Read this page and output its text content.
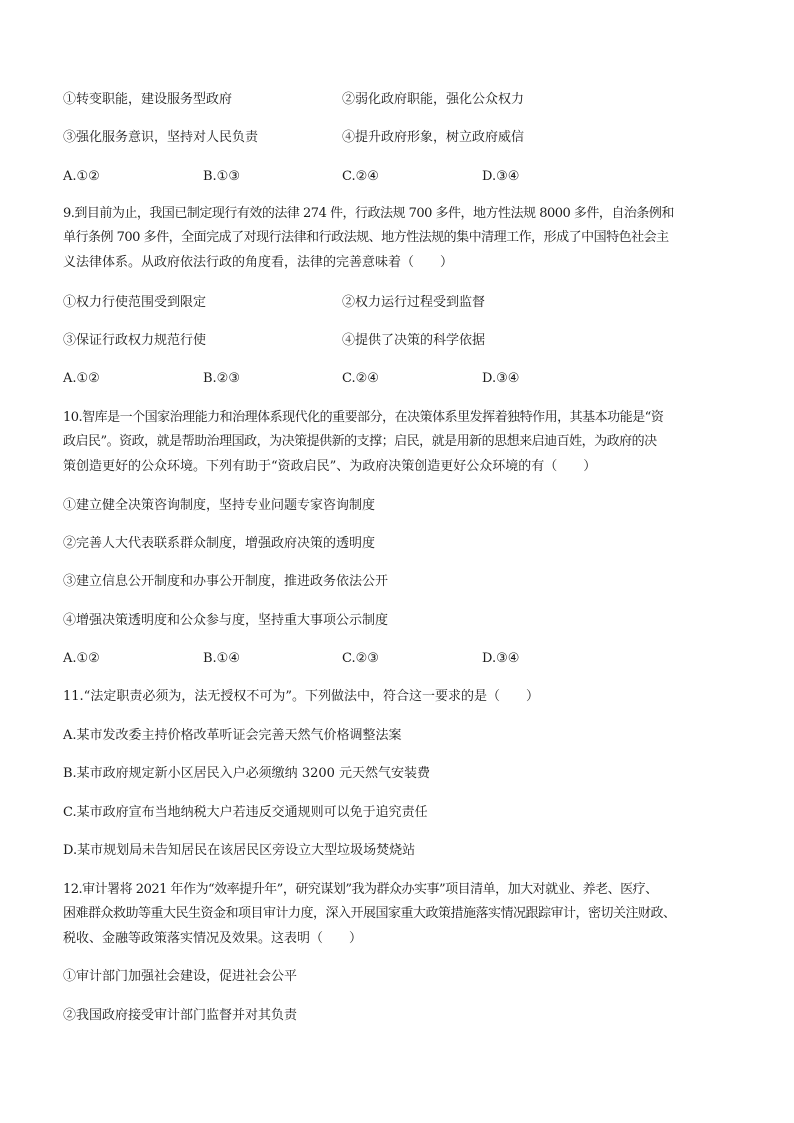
①转变职能，建设服务型政府	②弱化政府职能，强化公众权力
③强化服务意识，坚持对人民负责	④提升政府形象，树立政府威信
A.①②	B.①③	C.②④	D.③④
9.到目前为止，我国已制定现行有效的法律 274 件，行政法规 700 多件，地方性法规 8000 多件，自治条例和
单行条例 700 多件，全面完成了对现行法律和行政法规、地方性法规的集中清理工作，形成了中国特色社会主
义法律体系。从政府依法行政的角度看，法律的完善意味着（　　）
①权力行使范围受到限定	②权力运行过程受到监督
③保证行政权力规范行使	④提供了决策的科学依据
A.①②	B.②③	C.②④	D.③④
10.智库是一个国家治理能力和治理体系现代化的重要部分，在决策体系里发挥着独特作用，其基本功能是“资
政启民”。资政，就是帮助治理国政，为决策提供新的支撑；启民，就是用新的思想来启迪百姓，为政府的决
策创造更好的公众环境。下列有助于“资政启民”、为政府决策创造更好公众环境的有（　　）
①建立健全决策咨询制度，坚持专业问题专家咨询制度
②完善人大代表联系群众制度，增强政府决策的透明度
③建立信息公开制度和办事公开制度，推进政务依法公开
④增强决策透明度和公众参与度，坚持重大事项公示制度
A.①②	B.①④	C.②③	D.③④
11.“法定职责必须为，法无授权不可为”。下列做法中，符合这一要求的是（　　）
A.某市发改委主持价格改革听证会完善天然气价格调整法案
B.某市政府规定新小区居民入户必须缴纳 3200 元天然气安装费
C.某市政府宣布当地纳税大户若违反交通规则可以免于追究责任
D.某市规划局未告知居民在该居民区旁设立大型垃圾场焚烧站
12.审计署将 2021 年作为“效率提升年”，研究谋划”我为群众办实事”项目清单，加大对就业、养老、医疗、
困难群众救助等重大民生资金和项目审计力度，深入开展国家重大政策措施落实情况跟踪审计，密切关注财政、
税收、金融等政策落实情况及效果。这表明（　　）
①审计部门加强社会建设，促进社会公平
②我国政府接受审计部门监督并对其负责
